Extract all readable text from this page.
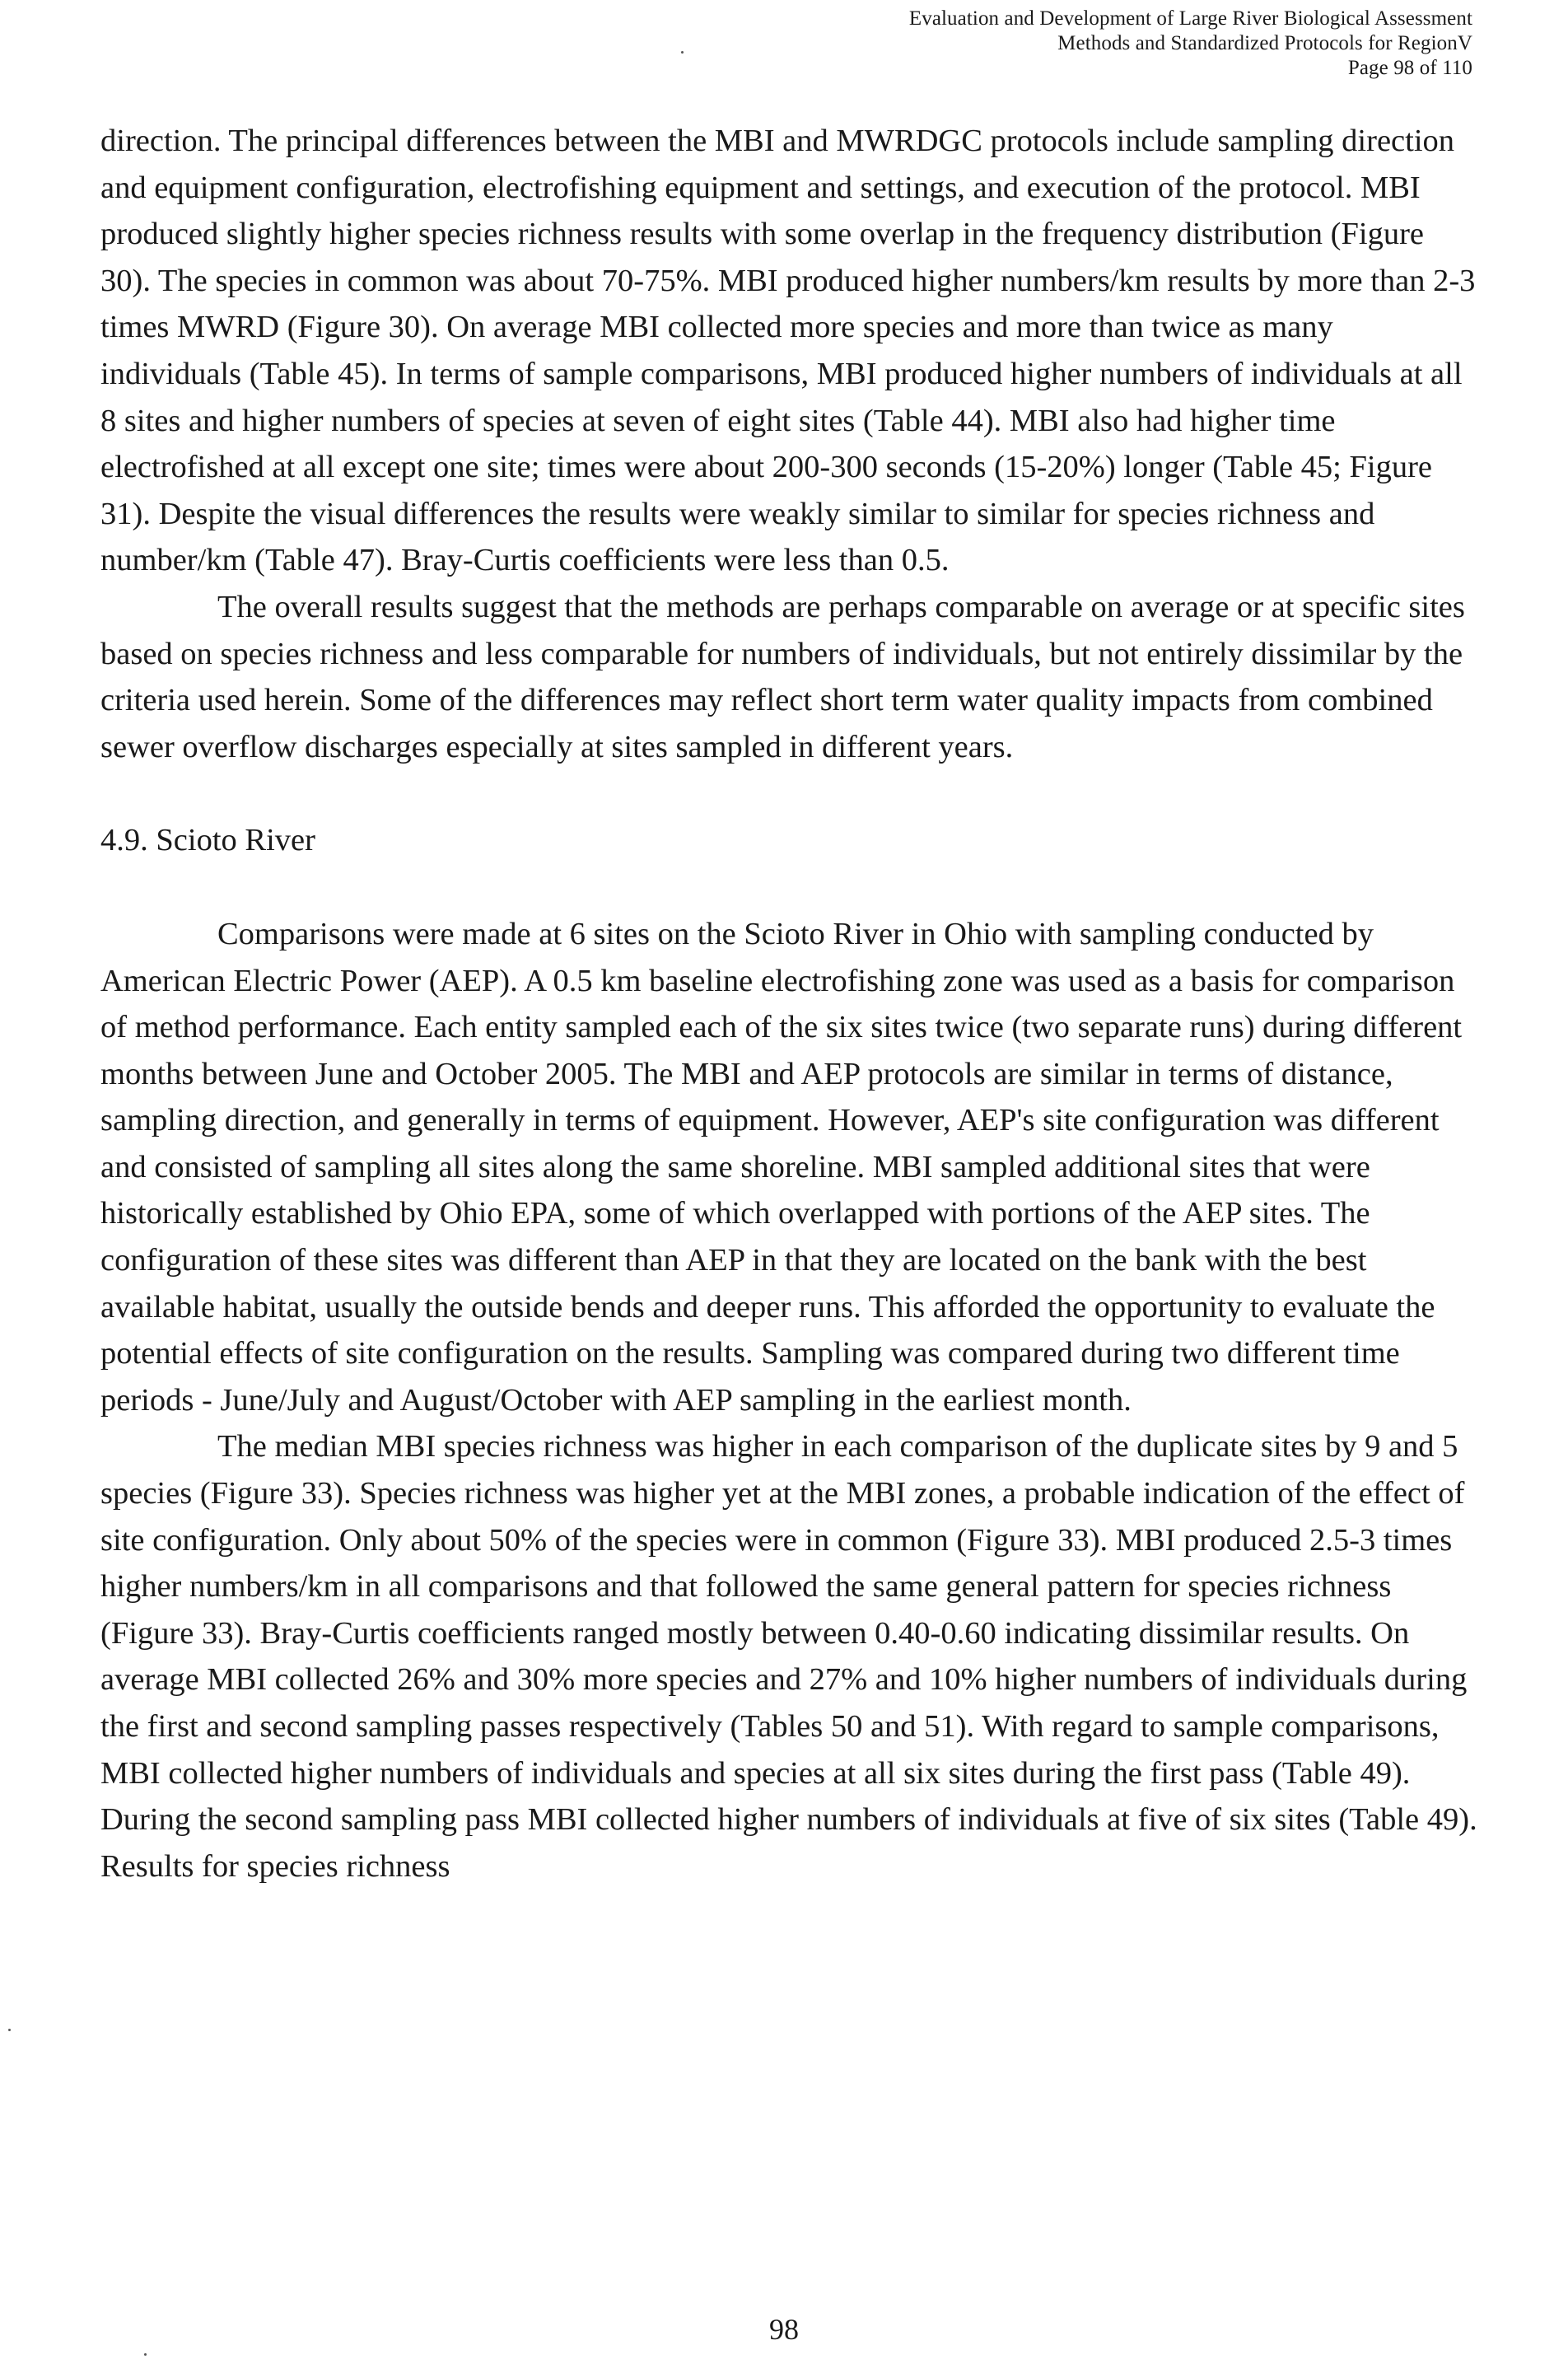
Evaluation and Development of Large River Biological Assessment
Methods and Standardized Protocols for RegionV
Page 98 of 110

direction. The principal differences between the MBI and MWRDGC protocols include sampling direction and equipment configuration, electrofishing equipment and settings, and execution of the protocol. MBI produced slightly higher species richness results with some overlap in the frequency distribution (Figure 30). The species in common was about 70-75%. MBI produced higher numbers/km results by more than 2-3 times MWRD (Figure 30). On average MBI collected more species and more than twice as many individuals (Table 45). In terms of sample comparisons, MBI produced higher numbers of individuals at all 8 sites and higher numbers of species at seven of eight sites (Table 44). MBI also had higher time electrofished at all except one site; times were about 200-300 seconds (15-20%) longer (Table 45; Figure 31). Despite the visual differences the results were weakly similar to similar for species richness and number/km (Table 47). Bray-Curtis coefficients were less than 0.5.

The overall results suggest that the methods are perhaps comparable on average or at specific sites based on species richness and less comparable for numbers of individuals, but not entirely dissimilar by the criteria used herein. Some of the differences may reflect short term water quality impacts from combined sewer overflow discharges especially at sites sampled in different years.

4.9. Scioto River

Comparisons were made at 6 sites on the Scioto River in Ohio with sampling conducted by American Electric Power (AEP). A 0.5 km baseline electrofishing zone was used as a basis for comparison of method performance. Each entity sampled each of the six sites twice (two separate runs) during different months between June and October 2005. The MBI and AEP protocols are similar in terms of distance, sampling direction, and generally in terms of equipment. However, AEP's site configuration was different and consisted of sampling all sites along the same shoreline. MBI sampled additional sites that were historically established by Ohio EPA, some of which overlapped with portions of the AEP sites. The configuration of these sites was different than AEP in that they are located on the bank with the best available habitat, usually the outside bends and deeper runs. This afforded the opportunity to evaluate the potential effects of site configuration on the results. Sampling was compared during two different time periods - June/July and August/October with AEP sampling in the earliest month.

The median MBI species richness was higher in each comparison of the duplicate sites by 9 and 5 species (Figure 33). Species richness was higher yet at the MBI zones, a probable indication of the effect of site configuration. Only about 50% of the species were in common (Figure 33). MBI produced 2.5-3 times higher numbers/km in all comparisons and that followed the same general pattern for species richness (Figure 33). Bray-Curtis coefficients ranged mostly between 0.40-0.60 indicating dissimilar results. On average MBI collected 26% and 30% more species and 27% and 10% higher numbers of individuals during the first and second sampling passes respectively (Tables 50 and 51). With regard to sample comparisons, MBI collected higher numbers of individuals and species at all six sites during the first pass (Table 49). During the second sampling pass MBI collected higher numbers of individuals at five of six sites (Table 49). Results for species richness

98
